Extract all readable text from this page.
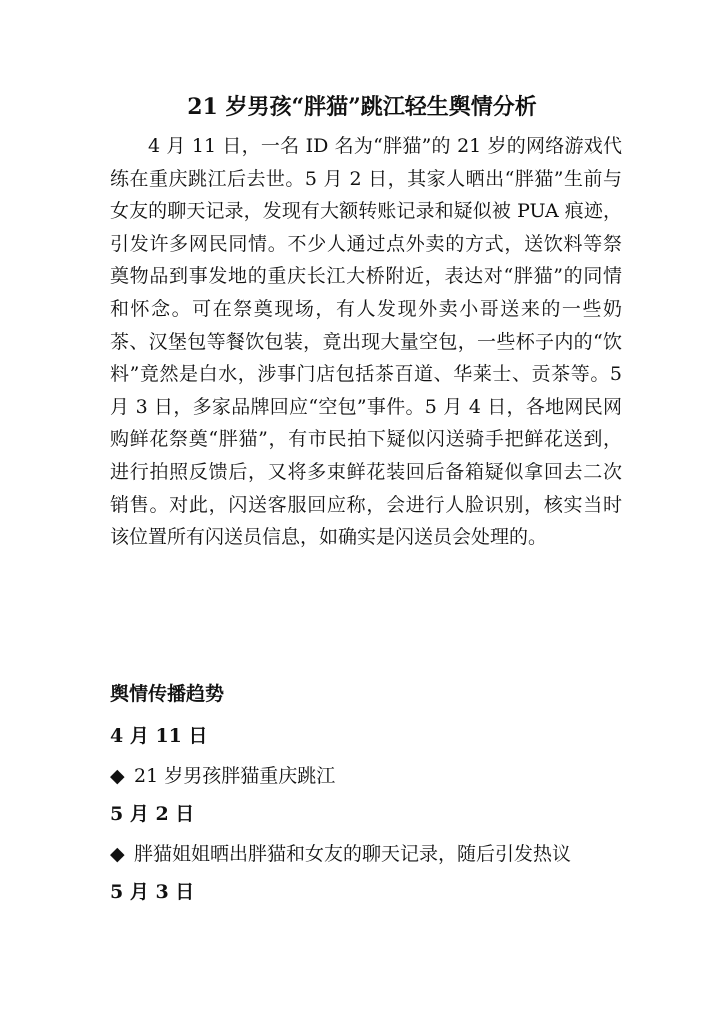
21 岁男孩“胖猫”跳江轻生舆情分析

4 月 11 日，一名 ID 名为“胖猫”的 21 岁的网络游戏代练在重庆跳江后去世。5 月 2 日，其家人晒出“胖猫”生前与女友的聊天记录，发现有大额转账记录和疑似被 PUA 痕迹，引发许多网民同情。不少人通过点外卖的方式，送饮料等祭奠物品到事发地的重庆长江大桥附近，表达对“胖猫”的同情和怀念。可在祭奠现场，有人发现外卖小哥送来的一些奶茶、汉堡包等餐饮包装，竟出现大量空包，一些杯子内的“饮料”竟然是白水，涉事门店包括茶百道、华莱士、贡茶等。5 月 3 日，多家品牌回应“空包”事件。5 月 4 日，各地网民网购鲜花祭奠“胖猫”，有市民拍下疑似闪送骑手把鲜花送到，进行拍照反馈后，又将多束鲜花装回后备箱疑似拿回去二次销售。对此，闪送客服回应称，会进行人脸识别，核实当时该位置所有闪送员信息，如确实是闪送员会处理的。

舆情传播趋势
4 月 11 日
◆ 21 岁男孩胖猫重庆跳江
5 月 2 日
◆ 胖猫姐姐晒出胖猫和女友的聊天记录，随后引发热议
5 月 3 日
